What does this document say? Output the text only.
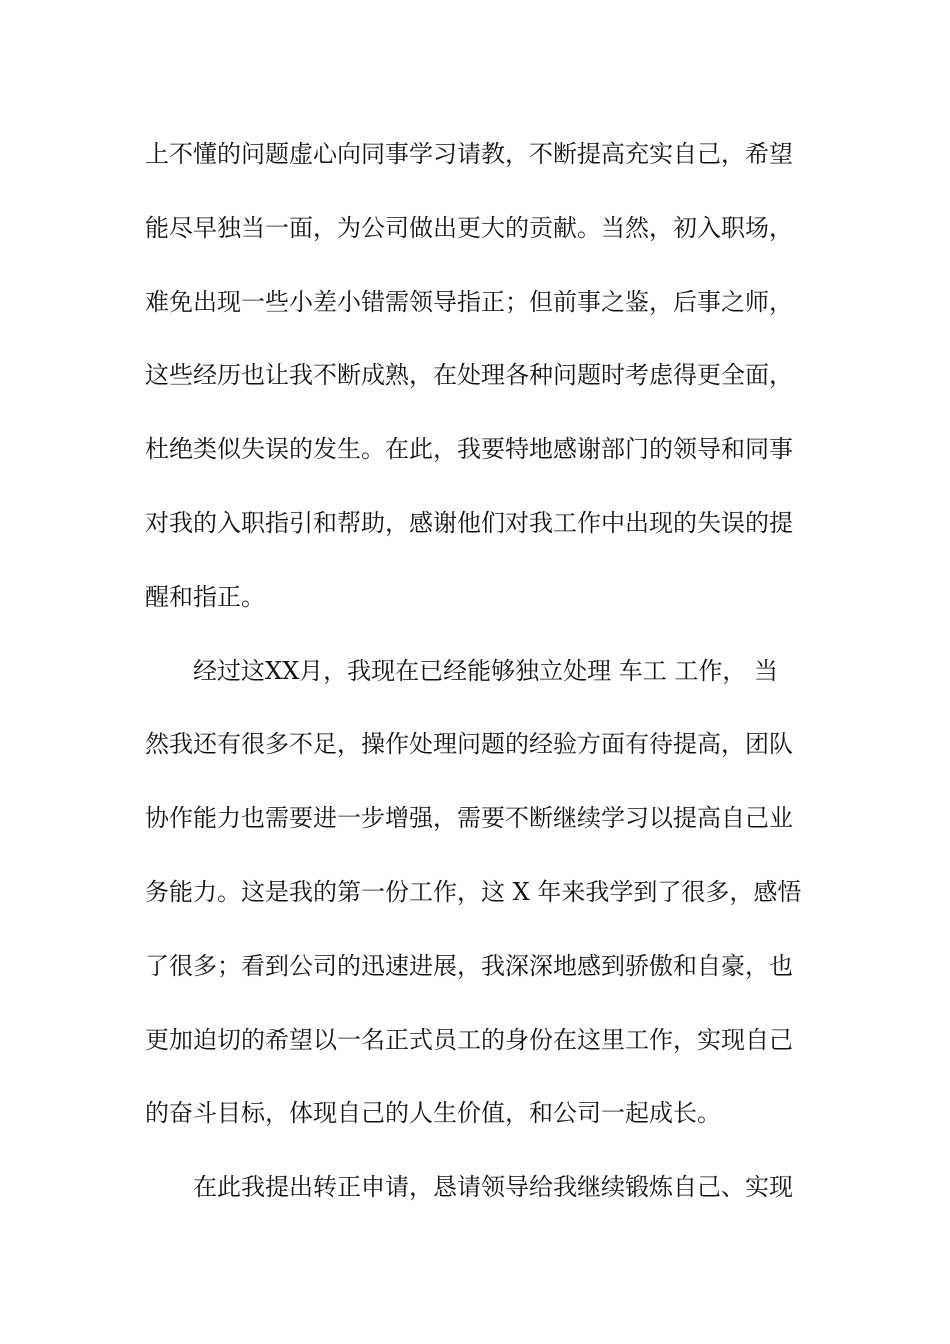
上不懂的问题虚心向同事学习请教，不断提高充实自己，希望
能尽早独当一面，为公司做出更大的贡献。当然，初入职场，
难免出现一些小差小错需领导指正；但前事之鉴，后事之师，
这些经历也让我不断成熟，在处理各种问题时考虑得更全面，
杜绝类似失误的发生。在此，我要特地感谢部门的领导和同事
对我的入职指引和帮助，感谢他们对我工作中出现的失误的提
醒和指正。
经过这XX月，我现在已经能够独立处理 车工 工作， 当
然我还有很多不足，操作处理问题的经验方面有待提高，团队
协作能力也需要进一步增强，需要不断继续学习以提高自己业
务能力。这是我的第一份工作，这 X 年来我学到了很多，感悟
了很多；看到公司的迅速进展，我深深地感到骄傲和自豪，也
更加迫切的希望以一名正式员工的身份在这里工作，实现自己
的奋斗目标，体现自己的人生价值，和公司一起成长。
在此我提出转正申请，恳请领导给我继续锻炼自己、实现
